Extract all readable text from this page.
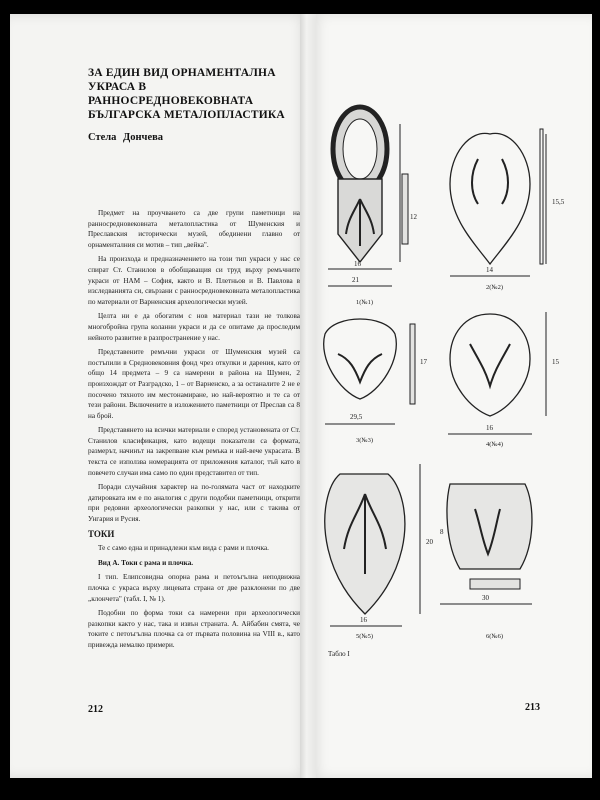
ЗА ЕДИН ВИД ОРНАМЕНТАЛНА УКРАСА В РАННОСРЕДНОВЕКОВНАТА БЪЛГАРСКА МЕТАЛОПЛАСТИКА
Стела Дончева

Предмет на проучването са две групи паметници на ранносредновековната металопластика от Шуменския и Преславския исторически музей, обединени главно от орнаменталния си мотив – тип „вейка".

На произхода и предназначението на този тип украси у нас се спират Ст. Станилов в обобщаващия си труд върху ремъчните украси от НАМ – София, както и В. Плетньов и В. Павлова в изследванията си, свързани с ранносредновековната металопластика по материали от Варненския археологически музей.

Целта ни е да обогатим с нов материал тази не толкова многобройна група коланни украси и да се опитаме да проследим нейното развитие в разпространение у нас.

Представените ремъчни украси от Шуменския музей са постъпили в Средновековния фонд чрез откупки и дарения, като от общо 14 предмета – 9 са намерени в района на Шумен, 2 произхождат от Разградско, 1 – от Варненско, а за останалите 2 не е посочено тяхното им местонамиране, но най-вероятно и те са от тези райони. Включените в изложението паметници от Преслав са 8 на брой.

Представянето на всички материали е според установената от Ст. Станилов класификация, като водещи показатели са формата, размерът, начинът на закрепване към ремъка и най-вече украсата. В текста се използва номерацията от приложения каталог, тъй като в повечето случаи има само по един представител от тип.

Поради случайния характер на по-голямата част от находките датировката им е по аналогия с други подобни паметници, открити при редовни археологически разкопки у нас, или с такива от Унгария и Русия.

ТОКИ

Те с само една и принадлежи към вида с рами и плочка.

Вид А. Токи с рама и плочка.

І тип. Елипсовидна опорна рама и петоъгълна неподвижна плочка с украса върху лицевата страна от две разклонени по две „клончета" (табл. І, № 1).

Подобни по форма токи са намерени при археологически разкопки както у нас, така и извън страната. А. Айбабин смята, че токите с петоъгълна плочка са от първата половина на VIII в., като привежда немалко примери.

212
1(№1)
2(№2)
3(№3)
4(№4)
5(№5)	6(№6)
21
16
14
15,5
12
17
29,5
15
16
20
30
16
8
Табло І
213
